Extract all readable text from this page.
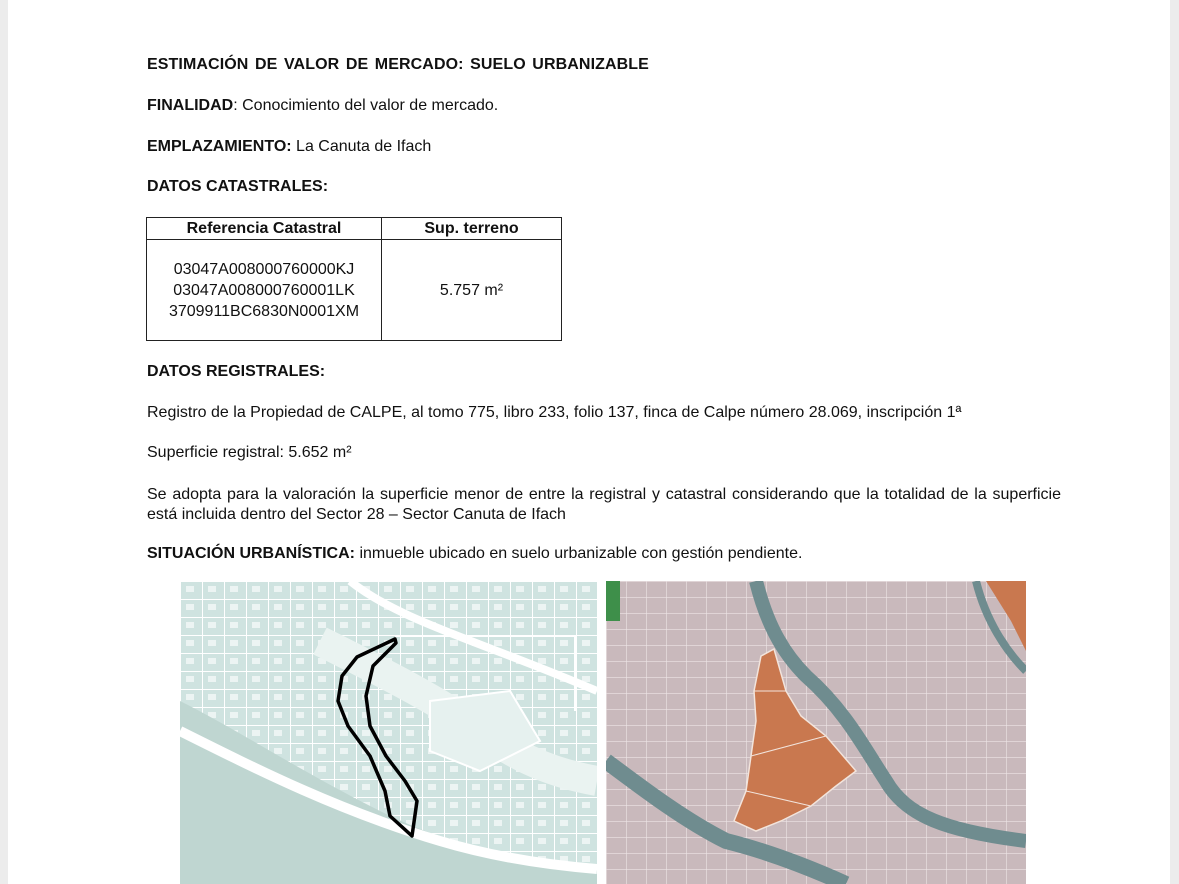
ESTIMACIÓN DE VALOR DE MERCADO: SUELO URBANIZABLE
FINALIDAD: Conocimiento del valor de mercado.
EMPLAZAMIENTO: La Canuta de Ifach
DATOS CATASTRALES:
Referencia Catastral	Sup. terreno

03047A008000760000KJ
03047A008000760001LK
3709911BC6830N0001XM	5.757 m²
DATOS REGISTRALES:
Registro de la Propiedad de CALPE, al tomo 775, libro 233, folio 137, finca de Calpe número 28.069, inscripción 1ª
Superficie registral: 5.652 m²
Se adopta para la valoración la superficie menor de entre la registral y catastral considerando que la totalidad de la superficie está incluida dentro del Sector 28 – Sector Canuta de Ifach
SITUACIÓN URBANÍSTICA: inmueble ubicado en suelo urbanizable con gestión pendiente.
